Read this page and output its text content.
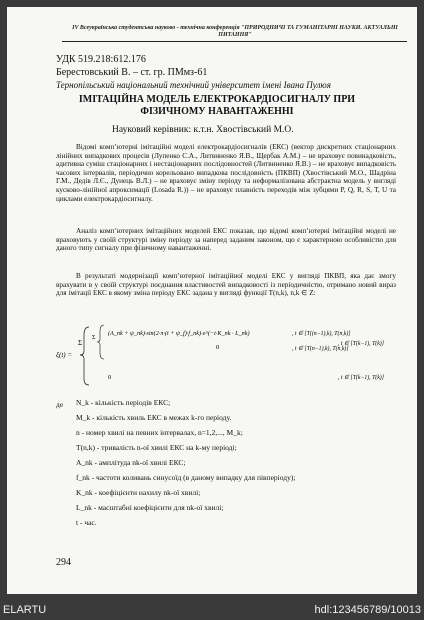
IV Всеукраїнська студентська науково - технічна конференція "ПРИРОДНИЧІ ТА ГУМАНІТАРНІ НАУКИ. АКТУАЛЬНІ ПИТАННЯ"
УДК 519.218:612.176
Берестовський В. – ст. гр. ПМмз-61
Тернопільський національний технічний університет імені Івана Пулюя
ІМІТАЦІЙНА МОДЕЛЬ ЕЛЕКТРОКАРДІОСИГНАЛУ ПРИ ФІЗИЧНОМУ НАВАНТАЖЕННІ
Науковий керівник: к.т.н. Хвостівський М.О.
Відомі комп’ютерні імітаційні моделі електрокардіосигналів (ЕКС) (вектор дискретних стаціонарних лінійних випадкових процесів (Лупенко С.А., Литвиненко Я.В., Щербак А.М.) – не враховує повинадковість, адитивна суміш стаціонарних і нестаціонарних послідовностей (Литвиненко Я.В.) – не враховує випадковість часових інтервалів, періодично корельовано випадкова послідовність (ПКВП) (Хвостівський М.О., Шадріна Г.М., Дедів Л.Є., Дунець В.Л.) – не враховує зміну періоду та неформалізована абстрактна модель у вигляді кусково-лінійної апроксимації (Losada R.)) – не враховує плавність переходів між зубцями P, Q, R, S, T, U та циклами електрокардіосигналу.
Аналіз комп’ютерних імітаційних моделей ЕКС показав, що відомі комп’ютерні імітаційні моделі не враховують у своїй структурі зміну періоду за наперед заданим законом, що є характерною особливістю для даного типу сигналу при фізичному навантаженні.
В результаті модернізації комп’ютерної імітаційної моделі ЕКС у вигляді ПКВП, яка дає змогу врахувати в у своїй структурі поєднання властивостей випадковості із періодичністю, отримано новий вираз для імітації ЕКС в якому зміна періоду ЕКС задана у вигляді функції T(n,k), n,k ∈ Z:
ξ(t) =
Σ
Σ
(A_nk + ψ_nk)·sin(2·π·(t + ψ_f)·f_nk)·e^(−t·K_nk · L_nk)	, t ∈ [T((n−1),k), T(n,k)]
0	, t ∈ [T(n−1),k), T(n,k)]
, t ∈ [T(k−1), T(k)]
0	, t ∈ [T(k−1), T(k)]
де N_k - кількість періодів ЕКС;
M_k - кількість хвиль ЕКС в межах k-го періоду.
n - номер хвилі на певних інтервалах, n=1,2,..., M_k;
T(n,k) - тривалість n-ої хвилі ЕКС на k-му періоді;
A_nk - амплітуда nk-ої хвилі ЕКС;
f_nk - частоти коливань синусоїд (в даному випадку для півперіоду);
K_nk - коефіцієнти нахилу nk-ої хвилі;
L_nk - масштабні коефіцієнти для nk-ої хвилі;
t - час.
294
ELARTU	hdl:123456789/10013
